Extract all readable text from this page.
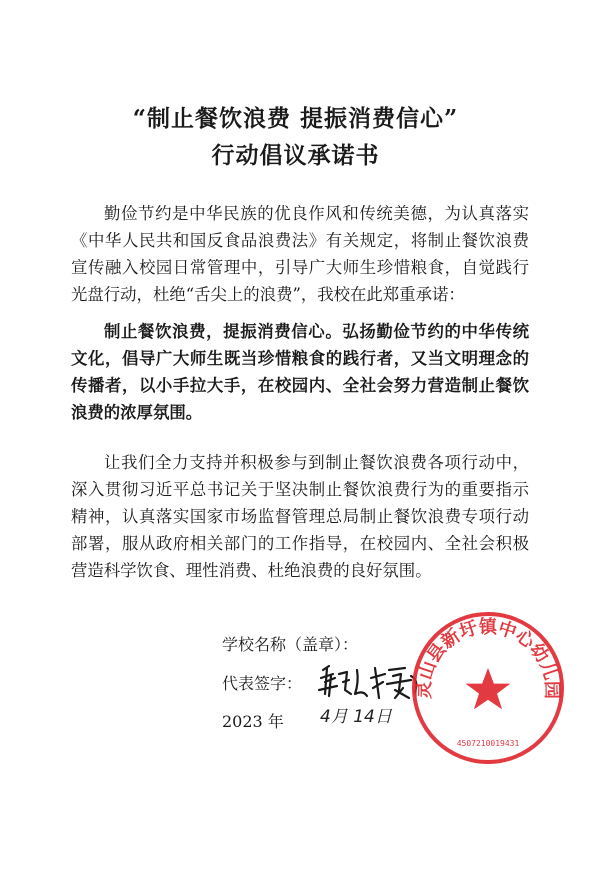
“制止餐饮浪费 提振消费信心”
行动倡议承诺书
勤俭节约是中华民族的优良作风和传统美德，为认真落实《中华人民共和国反食品浪费法》有关规定，将制止餐饮浪费宣传融入校园日常管理中，引导广大师生珍惜粮食，自觉践行光盘行动，杜绝“舌尖上的浪费”，我校在此郑重承诺：
制止餐饮浪费，提振消费信心。弘扬勤俭节约的中华传统文化，倡导广大师生既当珍惜粮食的践行者，又当文明理念的传播者，以小手拉大手，在校园内、全社会努力营造制止餐饮浪费的浓厚氛围。
让我们全力支持并积极参与到制止餐饮浪费各项行动中，深入贯彻习近平总书记关于坚决制止餐饮浪费行为的重要指示精神，认真落实国家市场监督管理总局制止餐饮浪费专项行动部署，服从政府相关部门的工作指导，在校园内、全社会积极营造科学饮食、理性消费、杜绝浪费的良好氛围。
学校名称（盖章）：
代表签字：
2023 年 4月 14日
灵山县新圩镇中心幼儿园
4507210019431
